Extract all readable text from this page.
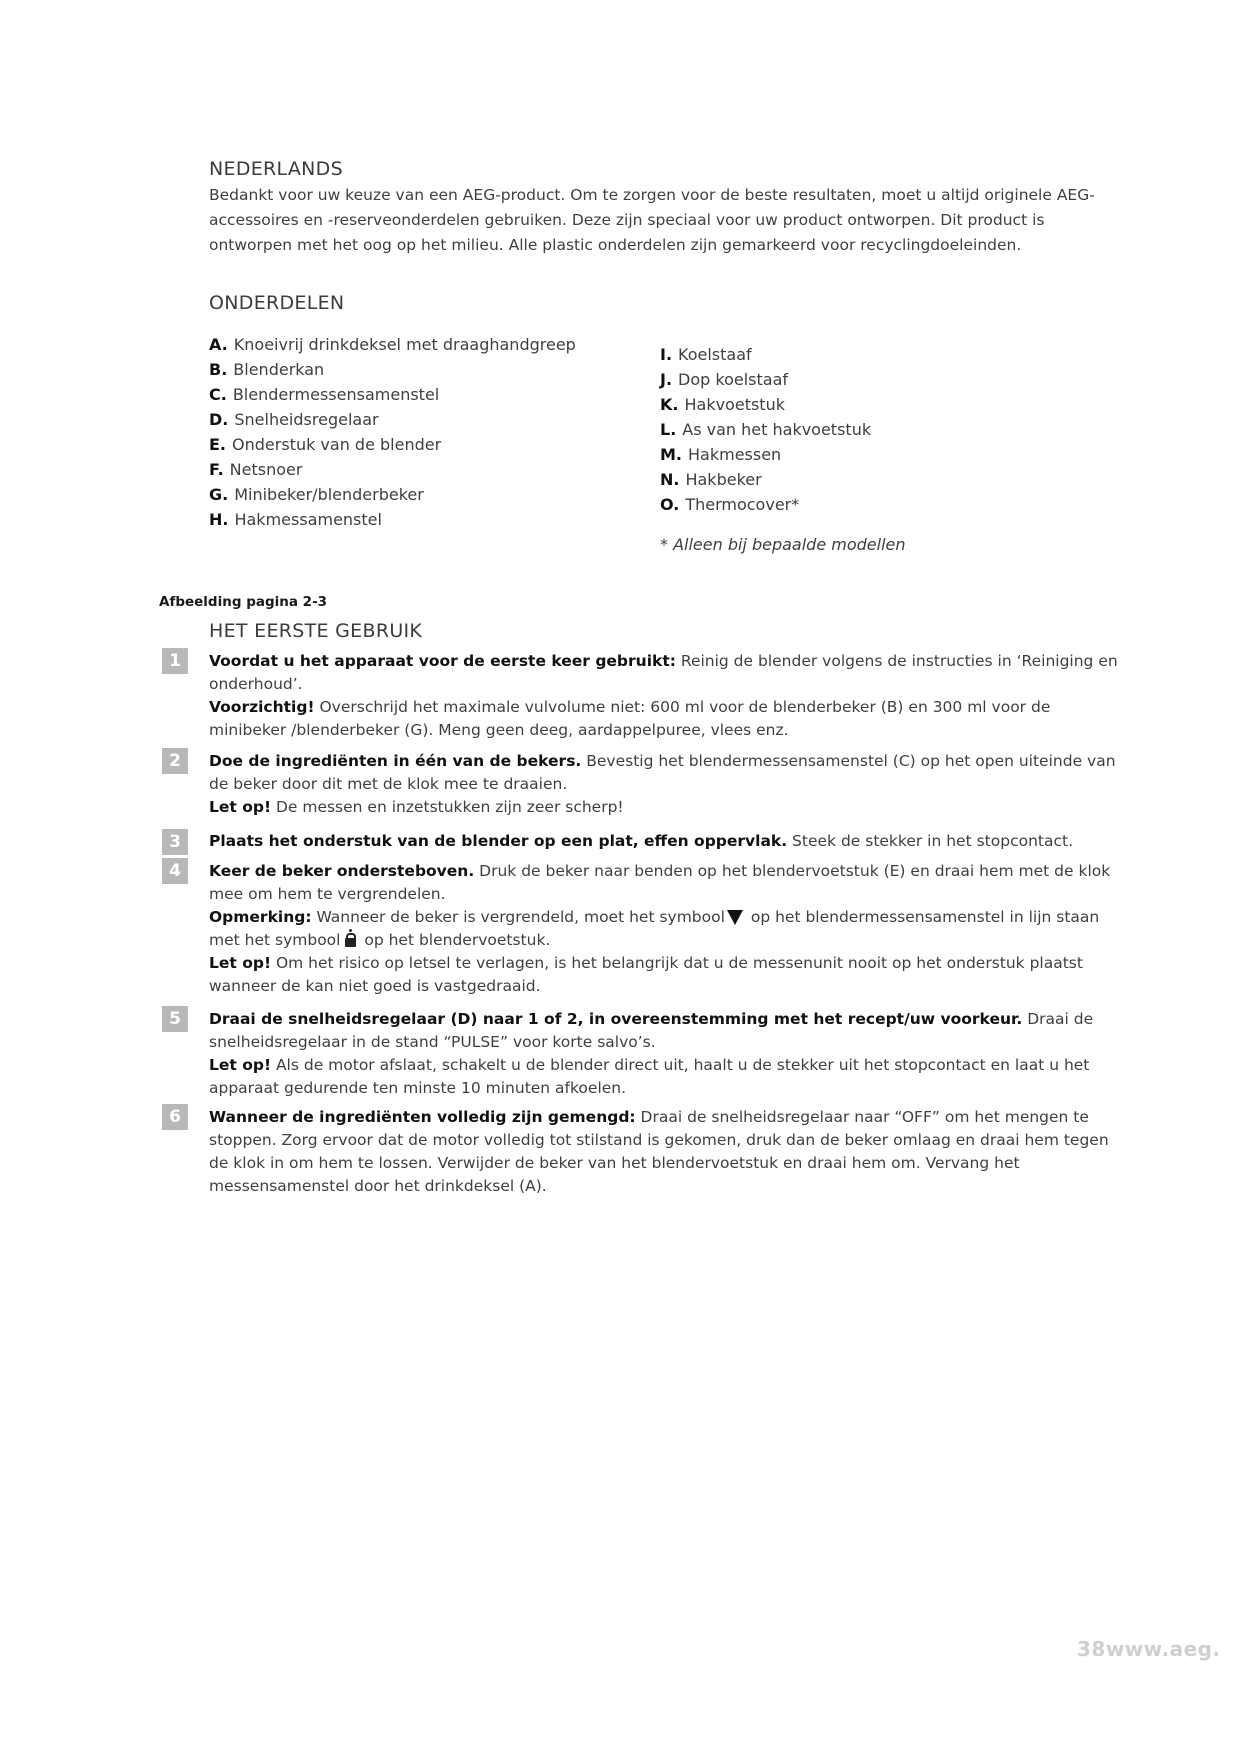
NEDERLANDS
Bedankt voor uw keuze van een AEG-product. Om te zorgen voor de beste resultaten, moet u altijd originele AEG-accessoires en -reserveonderdelen gebruiken. Deze zijn speciaal voor uw product ontworpen. Dit product is ontworpen met het oog op het milieu. Alle plastic onderdelen zijn gemarkeerd voor recyclingdoeleinden.
ONDERDELEN
A. Knoeivrij drinkdeksel met draaghandgreep
B. Blenderkan
C. Blendermessensamenstel
D. Snelheidsregelaar
E. Onderstuk van de blender
F. Netsnoer
G. Minibeker/blenderbeker
H. Hakmessamenstel
I. Koelstaaf
J. Dop koelstaaf
K. Hakvoetstuk
L. As van het hakvoetstuk
M. Hakmessen
N. Hakbeker
O. Thermocover*
* Alleen bij bepaalde modellen
Afbeelding pagina 2-3
HET EERSTE GEBRUIK
1
2
3
4
5
6

Voordat u het apparaat voor de eerste keer gebruikt: Reinig de blender volgens de instructies in ‘Reiniging en onderhoud’.

Voorzichtig! Overschrijd het maximale vulvolume niet: 600 ml voor de blenderbeker (B) en 300 ml voor de minibeker /blenderbeker (G). Meng geen deeg, aardappelpuree, vlees enz.

Doe de ingrediënten in één van de bekers. Bevestig het blendermessensamenstel (C) op het open uiteinde van de beker door dit met de klok mee te draaien.

Let op! De messen en inzetstukken zijn zeer scherp!

Plaats het onderstuk van de blender op een plat, effen oppervlak. Steek de stekker in het stopcontact.

Keer de beker ondersteboven. Druk de beker naar benden op het blendervoetstuk (E) en draai hem met de klok mee om hem te vergrendelen.

Opmerking: Wanneer de beker is vergrendeld, moet het symbool op het blendermessensamenstel in lijn staan met het symbool
op het blendervoetstuk.

Let op! Om het risico op letsel te verlagen, is het belangrijk dat u de messenunit nooit op het onderstuk plaatst wanneer de kan niet goed is vastgedraaid.

Draai de snelheidsregelaar (D) naar 1 of 2, in overeenstemming met het recept/uw voorkeur. Draai de snelheidsregelaar in de stand “PULSE” voor korte salvo’s.

Let op! Als de motor afslaat, schakelt u de blender direct uit, haalt u de stekker uit het stopcontact en laat u het apparaat gedurende ten minste 10 minuten afkoelen.

Wanneer de ingrediënten volledig zijn gemengd: Draai de snelheidsregelaar naar “OFF” om het mengen te stoppen. Zorg ervoor dat de motor volledig tot stilstand is gekomen, druk dan de beker omlaag en draai hem tegen de klok in om hem te lossen. Verwijder de beker van het blendervoetstuk en draai hem om. Vervang het messensamenstel door het drinkdeksel (A).

38www.aeg.
